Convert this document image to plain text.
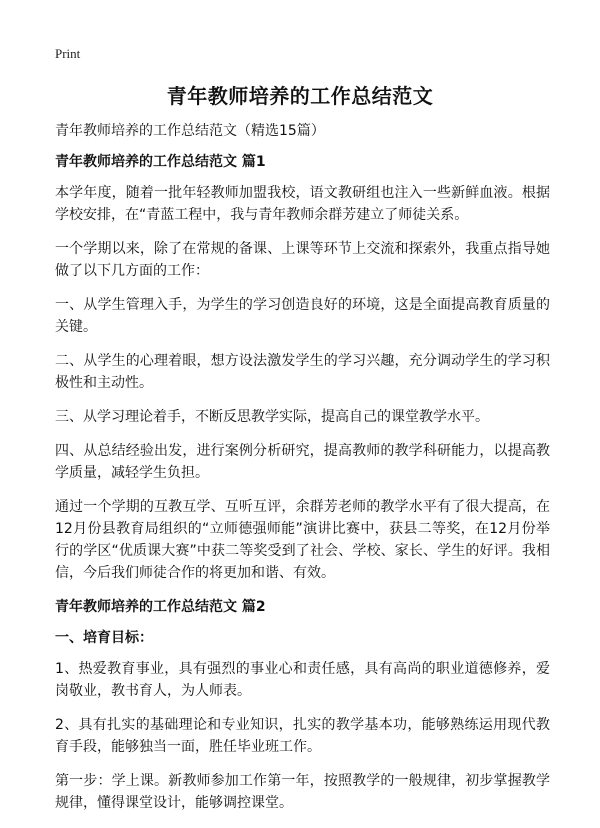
Print
青年教师培养的工作总结范文

青年教师培养的工作总结范文（精选15篇）

青年教师培养的工作总结范文 篇1

本学年度，随着一批年轻教师加盟我校，语文教研组也注入一些新鲜血液。根据学校安排，在“青蓝工程中，我与青年教师余群芳建立了师徒关系。

一个学期以来，除了在常规的备课、上课等环节上交流和探索外，我重点指导她做了以下几方面的工作：

一、从学生管理入手，为学生的学习创造良好的环境，这是全面提高教育质量的关键。

二、从学生的心理着眼，想方设法激发学生的学习兴趣，充分调动学生的学习积极性和主动性。

三、从学习理论着手，不断反思教学实际，提高自己的课堂教学水平。

四、从总结经验出发，进行案例分析研究，提高教师的教学科研能力，以提高教学质量，减轻学生负担。

通过一个学期的互教互学、互听互评，余群芳老师的教学水平有了很大提高，在12月份县教育局组织的“立师德强师能”演讲比赛中，获县二等奖，在12月份举行的学区“优质课大赛”中获二等奖受到了社会、学校、家长、学生的好评。我相信，今后我们师徒合作的将更加和谐、有效。

青年教师培养的工作总结范文 篇2
一、培育目标：

1、热爱教育事业，具有强烈的事业心和责任感，具有高尚的职业道德修养，爱岗敬业，教书育人，为人师表。

2、具有扎实的基础理论和专业知识，扎实的教学基本功，能够熟练运用现代教育手段，能够独当一面，胜任毕业班工作。

第一步：学上课。新教师参加工作第一年，按照教学的一般规律，初步掌握教学规律，懂得课堂设计，能够调控课堂。
